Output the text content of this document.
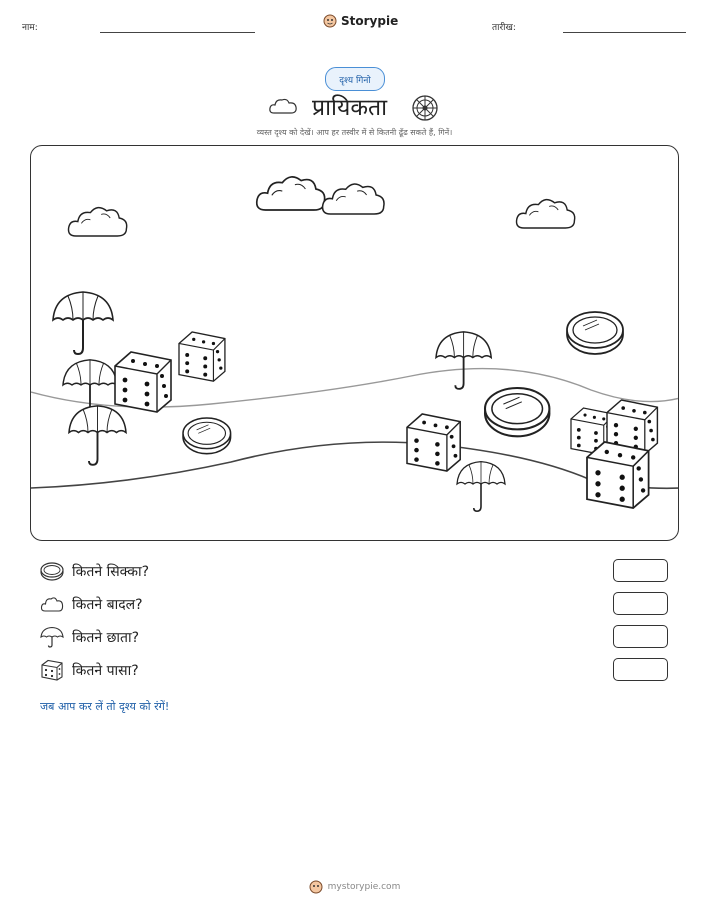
नाम:	Storypie	तारीख:
दृश्य गिनो
प्रायिकता
व्यस्त दृश्य को देखें। आप हर तस्वीर में से कितनी ढूँढ सकते हैं, गिनें।
कितने सिक्का?
कितने बादल?
कितने छाता?
कितने पासा?
जब आप कर लें तो दृश्य को रंगें!
mystorypie.com
